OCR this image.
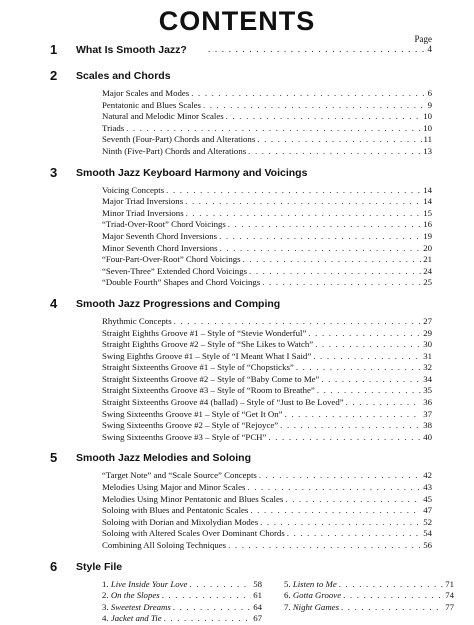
CONTENTS
Page
1 What Is Smooth Jazz? . . .	4
2 Scales and Chords
Major Scales and Modes . . .	6
Pentatonic and Blues Scales . . .	9
Natural and Melodic Minor Scales . . .	10
Triads . . .	10
Seventh (Four-Part) Chords and Alterations . . .	11
Ninth (Five-Part) Chords and Alterations . . .	13
3 Smooth Jazz Keyboard Harmony and Voicings
Voicing Concepts . . .	14
Major Triad Inversions . . .	14
Minor Triad Inversions . . .	15
“Triad-Over-Root” Chord Voicings . . .	16
Major Seventh Chord Inversions . . .	19
Minor Seventh Chord Inversions . . .	20
“Four-Part-Over-Root” Chord Voicings . . .	21
“Seven-Three” Extended Chord Voicings . . .	24
“Double Fourth” Shapes and Chord Voicings . . .	25
4 Smooth Jazz Progressions and Comping
Rhythmic Concepts . . .	27
Straight Eighths Groove #1 – Style of “Stevie Wonderful” . . .	29
Straight Eighths Groove #2 – Style of “She Likes to Watch” . . .	30
Swing Eighths Groove #1 – Style of “I Meant What I Said” . . .	31
Straight Sixteenths Groove #1 – Style of “Chopsticks” . . .	32
Straight Sixteenths Groove #2 – Style of “Baby Come to Me” . . .	34
Straight Sixteenths Groove #3 – Style of “Room to Breathe” . . .	35
Straight Sixteenths Groove #4 (ballad) – Style of “Just to Be Loved” . . .	36
Swing Sixteenths Groove #1 – Style of “Get It On” . . .	37
Swing Sixteenths Groove #2 – Style of “Rejoyce” . . .	38
Swing Sixteenths Groove #3 – Style of “PCH” . . .	40
5 Smooth Jazz Melodies and Soloing
“Target Note” and “Scale Source” Concepts . . .	42
Melodies Using Major and Minor Scales . . .	43
Melodies Using Minor Pentatonic and Blues Scales . . .	45
Soloing with Blues and Pentatonic Scales . . .	47
Soloing with Dorian and Mixolydian Modes . . .	52
Soloing with Altered Scales Over Dominant Chords . . .	54
Combining All Soloing Techniques . . .	56
6 Style File
1. Live Inside Your Love . . .	58
2. On the Slopes . . .	61
3. Sweetest Dreams . . .	64
4. Jacket and Tie . . .	67
5. Listen to Me . . .	71
6. Gotta Groove . . .	74
7. Night Games . . .	77
